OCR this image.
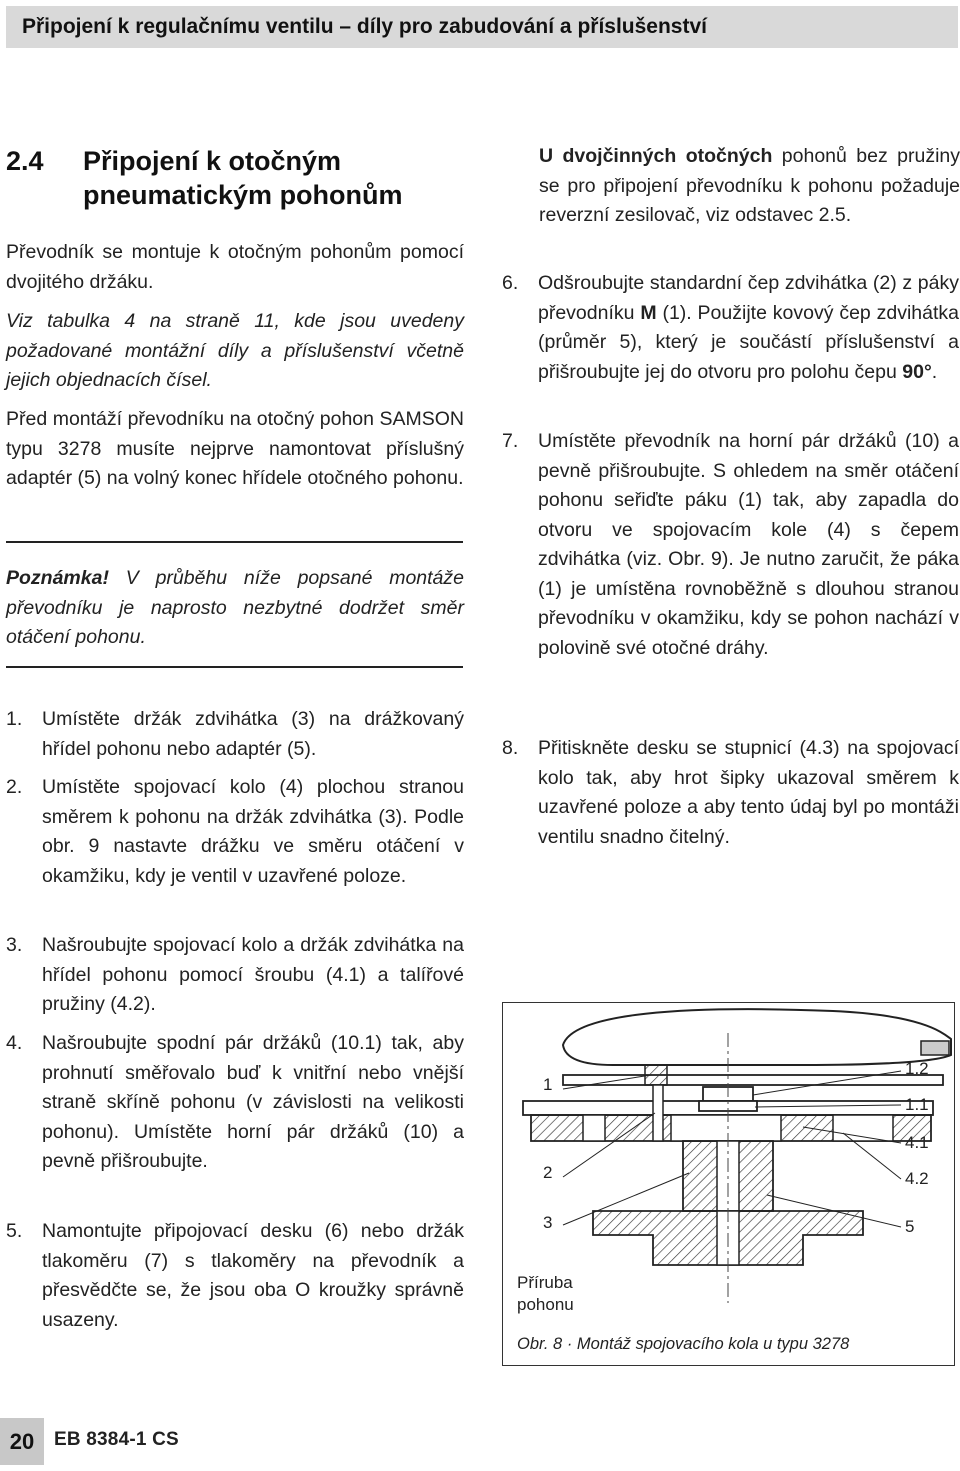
Připojení k regulačnímu ventilu – díly pro zabudování a příslušenství
2.4 Připojení k otočným pneumatickým pohonům
Převodník se montuje k otočným pohonům pomocí dvojitého držáku.
Viz tabulka 4 na straně 11, kde jsou uvedeny požadované montážní díly a příslušenství včetně jejich objednacích čísel.
Před montáží převodníku na otočný pohon SAMSON typu 3278 musíte nejprve namontovat příslušný adaptér (5) na volný konec hřídele otočného pohonu.
Poznámka! V průběhu níže popsané montáže převodníku je naprosto nezbytné dodržet směr otáčení pohonu.
1. Umístěte držák zdvihátka (3) na drážkovaný hřídel pohonu nebo adaptér (5).
2. Umístěte spojovací kolo (4) plochou stranou směrem k pohonu na držák zdvihátka (3). Podle obr. 9 nastavte drážku ve směru otáčení v okamžiku, kdy je ventil v uzavřené poloze.
3. Našroubujte spojovací kolo a držák zdvihátka na hřídel pohonu pomocí šroubu (4.1) a talířové pružiny (4.2).
4. Našroubujte spodní pár držáků (10.1) tak, aby prohnutí směřovalo buď k vnitřní nebo vnější straně skříně pohonu (v závislosti na velikosti pohonu). Umístěte horní pár držáků (10) a pevně přišroubujte.
5. Namontujte připojovací desku (6) nebo držák tlakoměru (7) s tlakoměry na převodník a přesvědčte se, že jsou oba O kroužky správně usazeny.
U dvojčinných otočných pohonů bez pružiny se pro připojení převodníku k pohonu požaduje reverzní zesilovač, viz odstavec 2.5.
6. Odšroubujte standardní čep zdvihátka (2) z páky převodníku M (1). Použijte kovový čep zdvihátka (průměr 5), který je součástí příslušenství a přišroubujte jej do otvoru pro polohu čepu 90°.
7. Umístěte převodník na horní pár držáků (10) a pevně přišroubujte. S ohledem na směr otáčení pohonu seřiďte páku (1) tak, aby zapadla do otvoru ve spojovacím kole (4) s čepem zdvihátka (viz. Obr. 9). Je nutno zaručit, že páka (1) je umístěna rovnoběžně s dlouhou stranou převodníku v okamžiku, kdy se pohon nachází v polovině své otočné dráhy.
8. Přitiskněte desku se stupnicí (4.3) na spojovací kolo tak, aby hrot šipky ukazoval směrem k uzavřené poloze a aby tento údaj byl po montáži ventilu snadno čitelný.
1
2
3
1.2
1.1
4.1
4.2
5
Příruba
pohonu
Obr. 8 · Montáž spojovacího kola u typu 3278
20 EB 8384-1 CS
